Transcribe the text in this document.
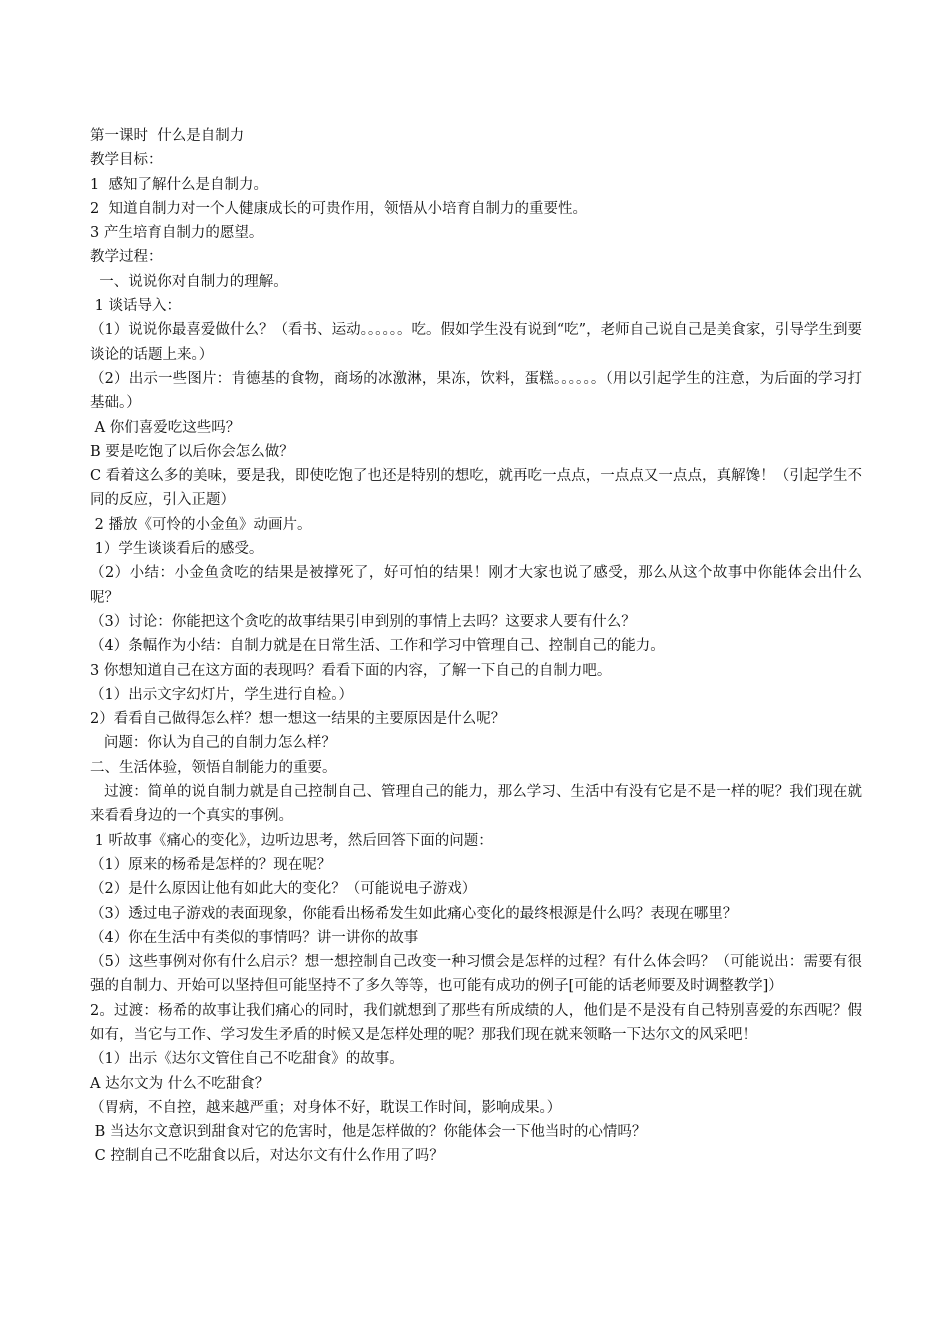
第一课时  什么是自制力

教学目标：

1  感知了解什么是自制力。

2  知道自制力对一个人健康成长的可贵作用，领悟从小培育自制力的重要性。

3 产生培育自制力的愿望。

教学过程：

一、说说你对自制力的理解。

1 谈话导入：

（1）说说你最喜爱做什么？（看书、运动。。。。。。吃。假如学生没有说到“吃”，老师自己说自己是美食家，引导学生到要谈论的话题上来。）

（2）出示一些图片：肯德基的食物，商场的冰激淋，果冻，饮料，蛋糕。。。。。。（用以引起学生的注意，为后面的学习打基础。）

A 你们喜爱吃这些吗？

B 要是吃饱了以后你会怎么做？

C 看着这么多的美味，要是我，即使吃饱了也还是特别的想吃，就再吃一点点，一点点又一点点，真解馋！（引起学生不同的反应，引入正题）

2 播放《可怜的小金鱼》动画片。

1）学生谈谈看后的感受。

（2）小结：小金鱼贪吃的结果是被撑死了，好可怕的结果！刚才大家也说了感受，那么从这个故事中你能体会出什么呢？

（3）讨论：你能把这个贪吃的故事结果引申到别的事情上去吗？这要求人要有什么？

（4）条幅作为小结：自制力就是在日常生活、工作和学习中管理自己、控制自己的能力。

3 你想知道自己在这方面的表现吗？看看下面的内容，了解一下自己的自制力吧。

（1）出示文字幻灯片，学生进行自检。）

2）看看自己做得怎么样？想一想这一结果的主要原因是什么呢？

问题：你认为自己的自制力怎么样？

二、生活体验，领悟自制能力的重要。

过渡：简单的说自制力就是自己控制自己、管理自己的能力，那么学习、生活中有没有它是不是一样的呢？我们现在就来看看身边的一个真实的事例。

1 听故事《痛心的变化》，边听边思考，然后回答下面的问题：

（1）原来的杨希是怎样的？现在呢？

（2）是什么原因让他有如此大的变化？（可能说电子游戏）

（3）透过电子游戏的表面现象，你能看出杨希发生如此痛心变化的最终根源是什么吗？表现在哪里？

（4）你在生活中有类似的事情吗？讲一讲你的故事

（5）这些事例对你有什么启示？想一想控制自己改变一种习惯会是怎样的过程？有什么体会吗？（可能说出：需要有很强的自制力、开始可以坚持但可能坚持不了多久等等，也可能有成功的例子[可能的话老师要及时调整教学]）

2。过渡：杨希的故事让我们痛心的同时，我们就想到了那些有所成绩的人，他们是不是没有自己特别喜爱的东西呢？假如有，当它与工作、学习发生矛盾的时候又是怎样处理的呢？那我们现在就来领略一下达尔文的风采吧！

（1）出示《达尔文管住自己不吃甜食》的故事。

A 达尔文为 什么不吃甜食？

（胃病，不自控，越来越严重；对身体不好，耽误工作时间，影响成果。）

B 当达尔文意识到甜食对它的危害时，他是怎样做的？你能体会一下他当时的心情吗？

C 控制自己不吃甜食以后，对达尔文有什么作用了吗？
